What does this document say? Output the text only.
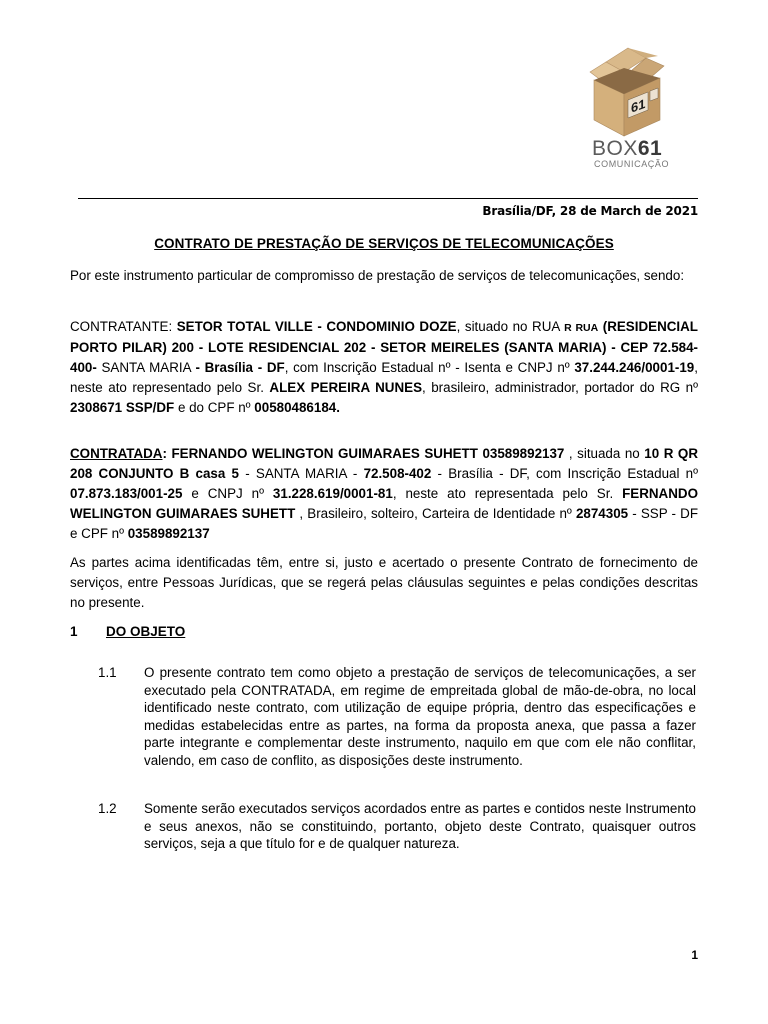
61
BOX61
COMUNICAÇÃO
Brasília/DF, 28 de March de 2021
CONTRATO DE PRESTAÇÃO DE SERVIÇOS DE TELECOMUNICAÇÕES
Por este instrumento particular de compromisso de prestação de serviços de telecomunicações, sendo:
CONTRATANTE: SETOR TOTAL VILLE - CONDOMINIO DOZE, situado no RUA R RUA (RESIDENCIAL PORTO PILAR) 200 - LOTE RESIDENCIAL 202 - SETOR MEIRELES (SANTA MARIA) - CEP 72.584-400- SANTA MARIA - Brasília - DF, com Inscrição Estadual nº - Isenta e CNPJ nº 37.244.246/0001-19, neste ato representado pelo Sr. ALEX PEREIRA NUNES, brasileiro, administrador, portador do RG nº 2308671 SSP/DF e do CPF nº 00580486184.
CONTRATADA: FERNANDO WELINGTON GUIMARAES SUHETT 03589892137 , situada no 10 R QR 208 CONJUNTO B casa 5 - SANTA MARIA - 72.508-402 - Brasília - DF, com Inscrição Estadual nº 07.873.183/001-25 e CNPJ nº 31.228.619/0001-81, neste ato representada pelo Sr. FERNANDO WELINGTON GUIMARAES SUHETT , Brasileiro, solteiro, Carteira de Identidade nº 2874305 - SSP - DF e CPF nº 03589892137
As partes acima identificadas têm, entre si, justo e acertado o presente Contrato de fornecimento de serviços, entre Pessoas Jurídicas, que se regerá pelas cláusulas seguintes e pelas condições descritas no presente.
1 DO OBJETO
1.1	O presente contrato tem como objeto a prestação de serviços de telecomunicações, a ser executado pela CONTRATADA, em regime de empreitada global de mão-de-obra, no local identificado neste contrato, com utilização de equipe própria, dentro das especificações e medidas estabelecidas entre as partes, na forma da proposta anexa, que passa a fazer parte integrante e complementar deste instrumento, naquilo em que com ele não conflitar, valendo, em caso de conflito, as disposições deste instrumento.
1.2	Somente serão executados serviços acordados entre as partes e contidos neste Instrumento e seus anexos, não se constituindo, portanto, objeto deste Contrato, quaisquer outros serviços, seja a que título for e de qualquer natureza.
1
